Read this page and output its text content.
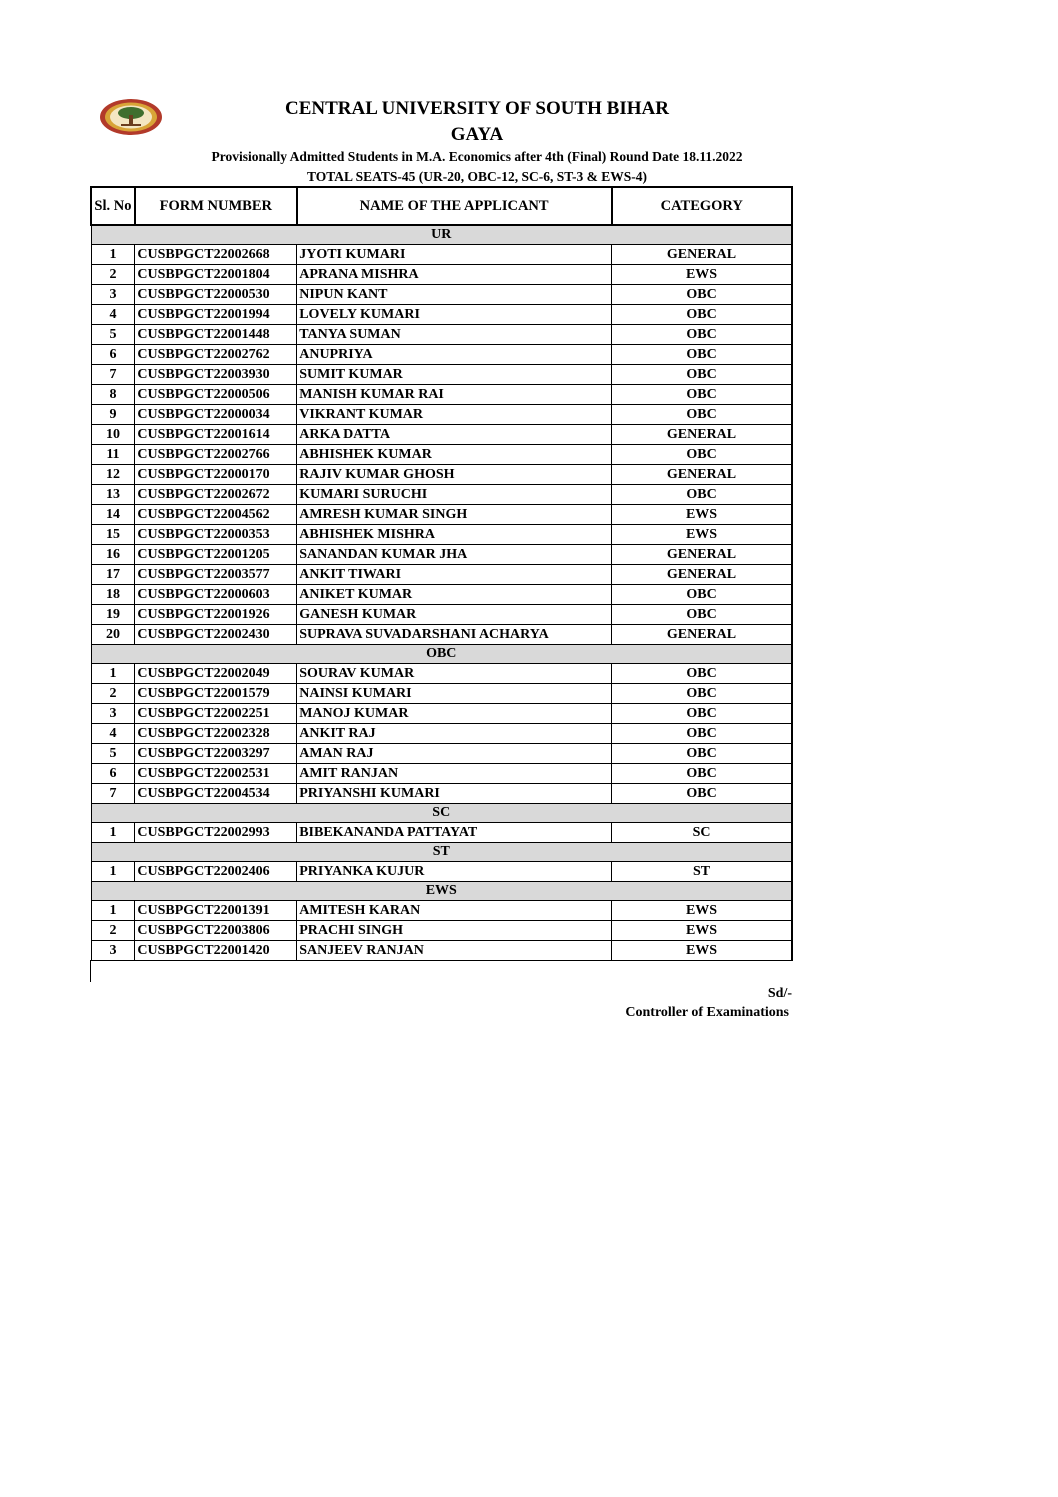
CENTRAL UNIVERSITY OF SOUTH BIHAR
GAYA
Provisionally Admitted Students in M.A. Economics after 4th (Final) Round Date 18.11.2022
TOTAL SEATS-45 (UR-20, OBC-12, SC-6, ST-3 & EWS-4)
Sl. No	FORM NUMBER	NAME OF THE APPLICANT	CATEGORY
UR			
1	CUSBPGCT22002668	JYOTI KUMARI	GENERAL
2	CUSBPGCT22001804	APRANA MISHRA	EWS
3	CUSBPGCT22000530	NIPUN KANT	OBC
4	CUSBPGCT22001994	LOVELY KUMARI	OBC
5	CUSBPGCT22001448	TANYA SUMAN	OBC
6	CUSBPGCT22002762	ANUPRIYA	OBC
7	CUSBPGCT22003930	SUMIT KUMAR	OBC
8	CUSBPGCT22000506	MANISH KUMAR RAI	OBC
9	CUSBPGCT22000034	VIKRANT KUMAR	OBC
10	CUSBPGCT22001614	ARKA DATTA	GENERAL
11	CUSBPGCT22002766	ABHISHEK KUMAR	OBC
12	CUSBPGCT22000170	RAJIV KUMAR GHOSH	GENERAL
13	CUSBPGCT22002672	KUMARI SURUCHI	OBC
14	CUSBPGCT22004562	AMRESH KUMAR SINGH	EWS
15	CUSBPGCT22000353	ABHISHEK MISHRA	EWS
16	CUSBPGCT22001205	SANANDAN KUMAR JHA	GENERAL
17	CUSBPGCT22003577	ANKIT TIWARI	GENERAL
18	CUSBPGCT22000603	ANIKET KUMAR	OBC
19	CUSBPGCT22001926	GANESH KUMAR	OBC
20	CUSBPGCT22002430	SUPRAVA SUVADARSHANI ACHARYA	GENERAL
OBC			
1	CUSBPGCT22002049	SOURAV KUMAR	OBC
2	CUSBPGCT22001579	NAINSI KUMARI	OBC
3	CUSBPGCT22002251	MANOJ KUMAR	OBC
4	CUSBPGCT22002328	ANKIT RAJ	OBC
5	CUSBPGCT22003297	AMAN RAJ	OBC
6	CUSBPGCT22002531	AMIT RANJAN	OBC
7	CUSBPGCT22004534	PRIYANSHI KUMARI	OBC
SC			
1	CUSBPGCT22002993	BIBEKANANDA PATTAYAT	SC
ST			
1	CUSBPGCT22002406	PRIYANKA KUJUR	ST
EWS			
1	CUSBPGCT22001391	AMITESH KARAN	EWS
2	CUSBPGCT22003806	PRACHI SINGH	EWS
3	CUSBPGCT22001420	SANJEEV RANJAN	EWS
Sd/-
Controller of Examinations
